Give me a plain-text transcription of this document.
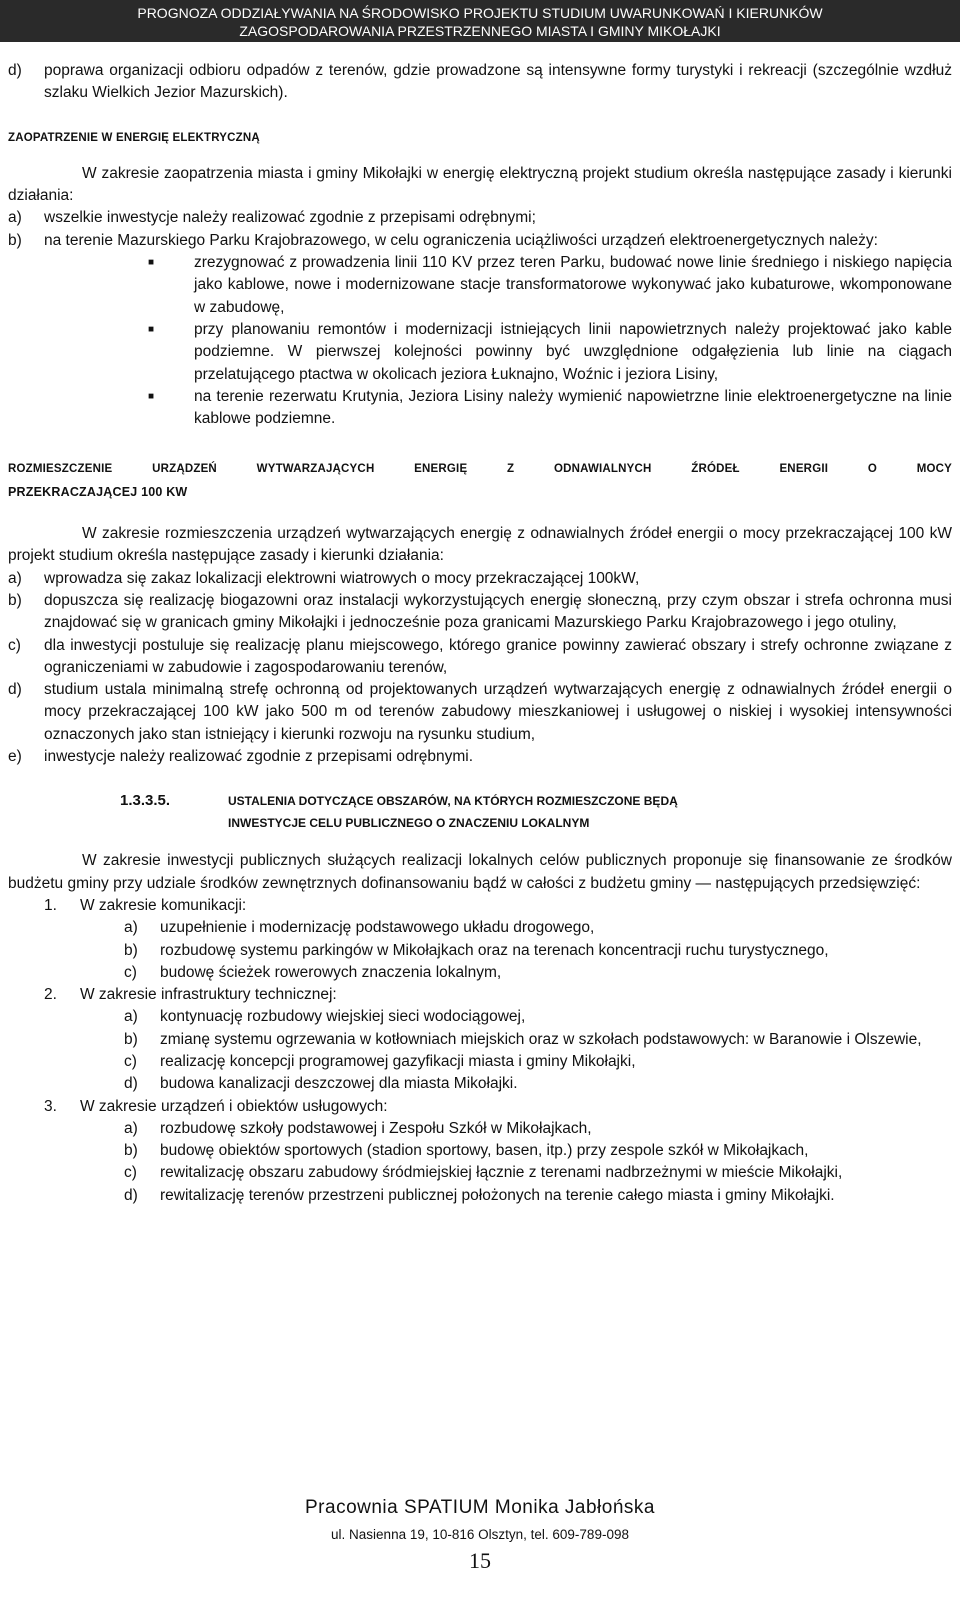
PROGNOZA ODDZIAŁYWANIA NA ŚRODOWISKO PROJEKTU STUDIUM UWARUNKOWAŃ I KIERUNKÓW
ZAGOSPODAROWANIA PRZESTRZENNEGO MIASTA I GMINY MIKOŁAJKI
d)	poprawa organizacji odbioru odpadów z terenów, gdzie prowadzone są intensywne formy turystyki i rekreacji (szczególnie wzdłuż szlaku Wielkich Jezior Mazurskich).

ZAOPATRZENIE W ENERGIĘ ELEKTRYCZNĄ

W zakresie zaopatrzenia miasta i gminy Mikołajki w energię elektryczną projekt studium określa następujące zasady i kierunki działania:

a)	wszelkie inwestycje należy realizować zgodnie z przepisami odrębnymi;
b)	na terenie Mazurskiego Parku Krajobrazowego, w celu ograniczenia uciążliwości urządzeń elektroenergetycznych należy:
■	zrezygnować z prowadzenia linii 110 KV przez teren Parku, budować nowe linie średniego i niskiego napięcia jako kablowe, nowe i modernizowane stacje transformatorowe wykonywać jako kubaturowe, wkomponowane w zabudowę,
■	przy planowaniu remontów i modernizacji istniejących linii napowietrznych należy projektować jako kable podziemne. W pierwszej kolejności powinny być uwzględnione odgałęzienia lub linie na ciągach przelatującego ptactwa w okolicach jeziora Łuknajno, Woźnic i jeziora Lisiny,
■	na terenie rezerwatu Krutynia, Jeziora Lisiny należy wymienić napowietrzne linie elektroenergetyczne na linie kablowe podziemne.

ROZMIESZCZENIE URZĄDZEŃ WYTWARZAJĄCYCH ENERGIĘ Z ODNAWIALNYCH ŹRÓDEŁ ENERGII O MOCY

PRZEKRACZAJĄCEJ 100 KW

W zakresie rozmieszczenia urządzeń wytwarzających energię z odnawialnych źródeł energii o mocy przekraczającej 100 kW projekt studium określa następujące zasady i kierunki działania:

a)	wprowadza się zakaz lokalizacji elektrowni wiatrowych o mocy przekraczającej 100kW,
b)	dopuszcza się realizację biogazowni oraz instalacji wykorzystujących energię słoneczną, przy czym obszar i strefa ochronna musi znajdować się w granicach gminy Mikołajki i jednocześnie poza granicami Mazurskiego Parku Krajobrazowego i jego otuliny,
c)	dla inwestycji postuluje się realizację planu miejscowego, którego granice powinny zawierać obszary i strefy ochronne związane z ograniczeniami w zabudowie i zagospodarowaniu terenów,
d)	studium ustala minimalną strefę ochronną od projektowanych urządzeń wytwarzających energię z odnawialnych źródeł energii o mocy przekraczającej 100 kW jako 500 m od terenów zabudowy mieszkaniowej i usługowej o niskiej i wysokiej intensywności oznaczonych jako stan istniejący i kierunki rozwoju na rysunku studium,
e)	inwestycje należy realizować zgodnie z przepisami odrębnymi.
1.3.3.5.	USTALENIA DOTYCZĄCE OBSZARÓW, NA KTÓRYCH ROZMIESZCZONE BĘDĄ
INWESTYCJE CELU PUBLICZNEGO O ZNACZENIU LOKALNYM

W zakresie inwestycji publicznych służących realizacji lokalnych celów publicznych proponuje się finansowanie ze środków budżetu gminy przy udziale środków zewnętrznych dofinansowaniu bądź w całości z budżetu gminy — następujących przedsięwzięć:

1.	W zakresie komunikacji:
a)	uzupełnienie i modernizację podstawowego układu drogowego,
b)	rozbudowę systemu parkingów w Mikołajkach oraz na terenach koncentracji ruchu turystycznego,
c)	budowę ścieżek rowerowych znaczenia lokalnym,
2.	W zakresie infrastruktury technicznej:
a)	kontynuację rozbudowy wiejskiej sieci wodociągowej,
b)	zmianę systemu ogrzewania w kotłowniach miejskich oraz w szkołach podstawowych: w Baranowie i Olszewie,
c)	realizację koncepcji programowej gazyfikacji miasta i gminy Mikołajki,
d)	budowa kanalizacji deszczowej dla miasta Mikołajki.
3.	W zakresie urządzeń i obiektów usługowych:
a)	rozbudowę szkoły podstawowej i Zespołu Szkół w Mikołajkach,
b)	budowę obiektów sportowych (stadion sportowy, basen, itp.) przy zespole szkół w Mikołajkach,
c)	rewitalizację obszaru zabudowy śródmiejskiej łącznie z terenami nadbrzeżnymi w mieście Mikołajki,
d)	rewitalizację terenów przestrzeni publicznej położonych na terenie całego miasta i gminy Mikołajki.
Pracownia SPATIUM Monika Jabłońska
ul. Nasienna 19, 10-816 Olsztyn, tel. 609-789-098
15
